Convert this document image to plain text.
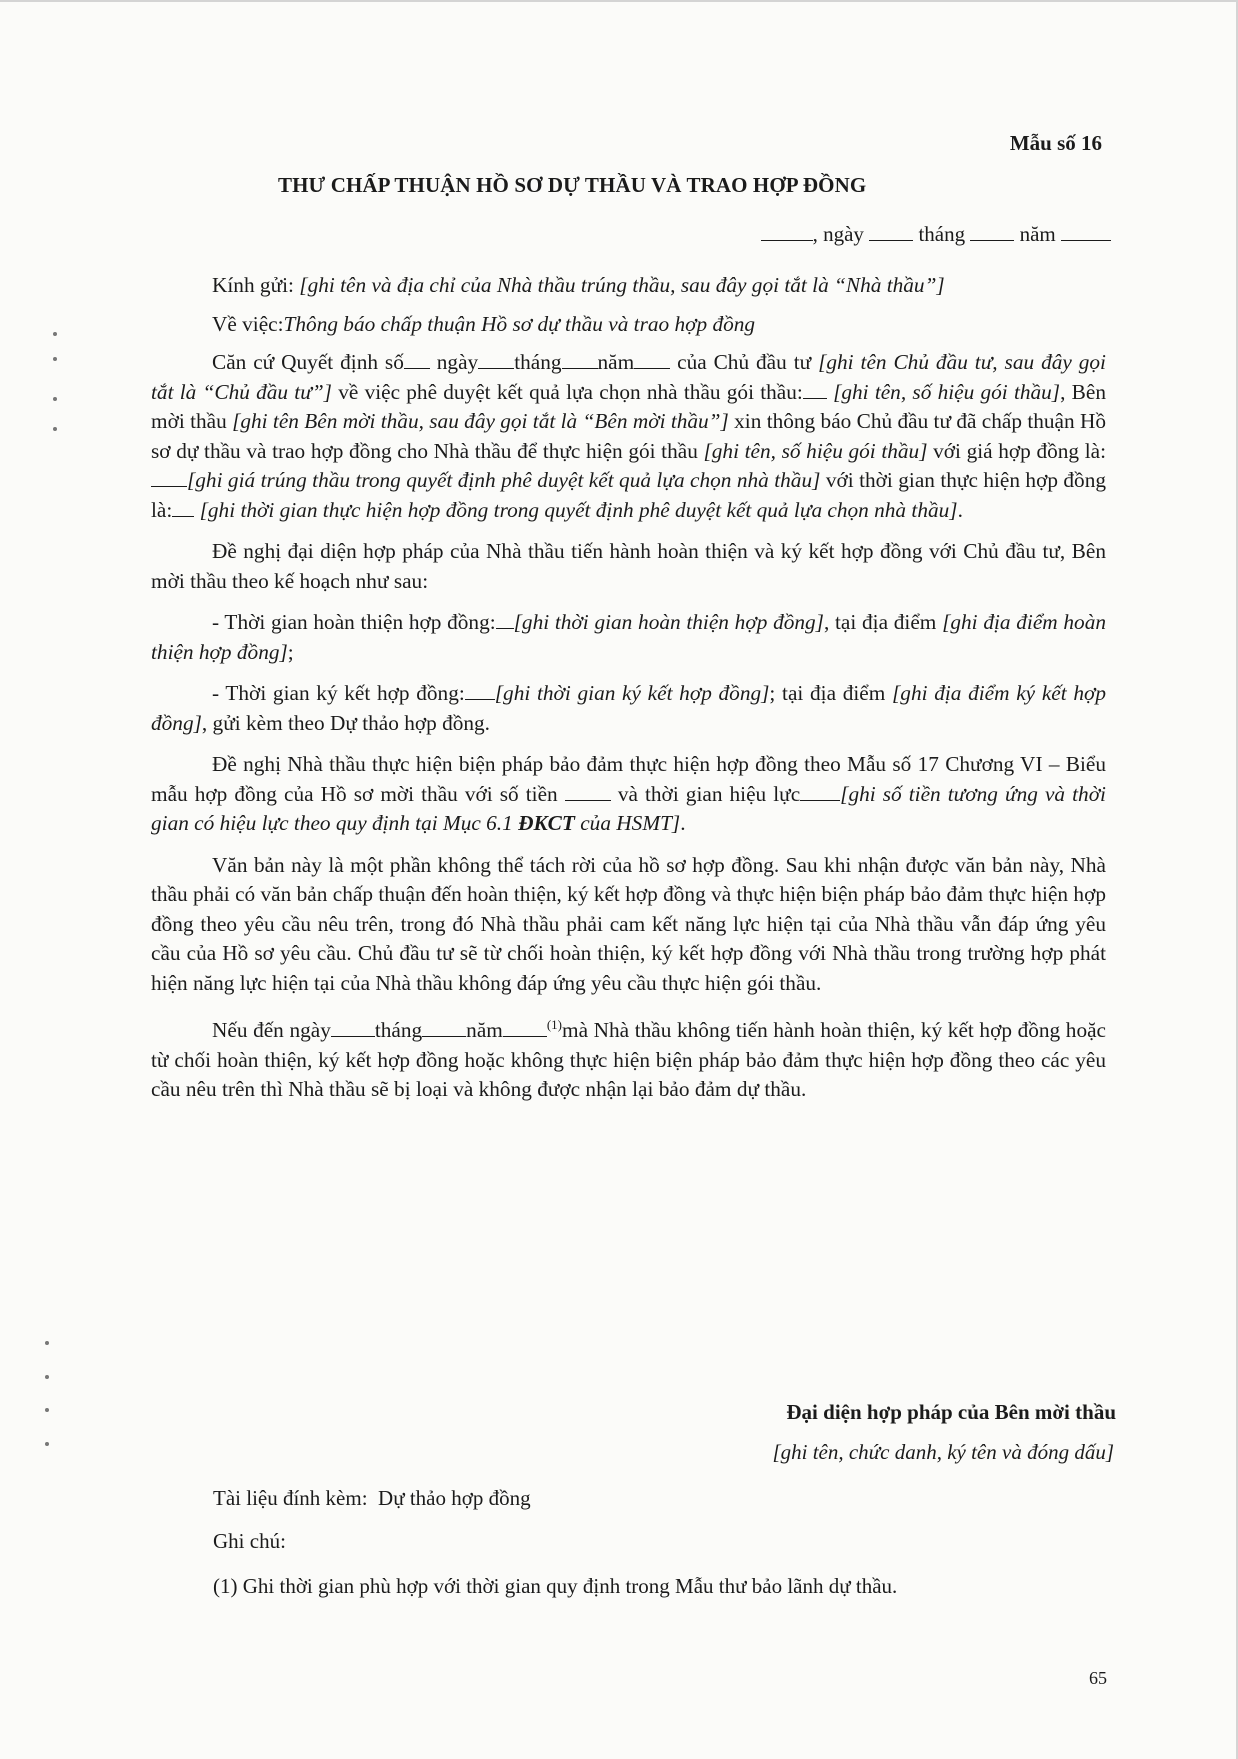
Mẫu số 16
THƯ CHẤP THUẬN HỒ SƠ DỰ THẦU VÀ TRAO HỢP ĐỒNG
, ngày	tháng	năm

Kính gửi: [ghi tên và địa chỉ của Nhà thầu trúng thầu, sau đây gọi tắt là “Nhà thầu”]

Về việc:Thông báo chấp thuận Hồ sơ dự thầu và trao hợp đồng

Căn cứ Quyết định số ngày tháng năm của Chủ đầu tư [ghi tên Chủ đầu tư, sau đây gọi tắt là “Chủ đầu tư”] về việc phê duyệt kết quả lựa chọn nhà thầu gói thầu: [ghi tên, số hiệu gói thầu], Bên mời thầu [ghi tên Bên mời thầu, sau đây gọi tắt là “Bên mời thầu”] xin thông báo Chủ đầu tư đã chấp thuận Hồ sơ dự thầu và trao hợp đồng cho Nhà thầu để thực hiện gói thầu [ghi tên, số hiệu gói thầu] với giá hợp đồng là:[ghi giá trúng thầu trong quyết định phê duyệt kết quả lựa chọn nhà thầu] với thời gian thực hiện hợp đồng là: [ghi thời gian thực hiện hợp đồng trong quyết định phê duyệt kết quả lựa chọn nhà thầu].

Đề nghị đại diện hợp pháp của Nhà thầu tiến hành hoàn thiện và ký kết hợp đồng với Chủ đầu tư, Bên mời thầu theo kế hoạch như sau:

- Thời gian hoàn thiện hợp đồng: [ghi thời gian hoàn thiện hợp đồng], tại địa điểm [ghi địa điểm hoàn thiện hợp đồng];

- Thời gian ký kết hợp đồng: [ghi thời gian ký kết hợp đồng]; tại địa điểm [ghi địa điểm ký kết hợp đồng], gửi kèm theo Dự thảo hợp đồng.

Đề nghị Nhà thầu thực hiện biện pháp bảo đảm thực hiện hợp đồng theo Mẫu số 17 Chương VI – Biểu mẫu hợp đồng của Hồ sơ mời thầu với số tiền  và thời gian hiệu lực [ghi số tiền tương ứng và thời gian có hiệu lực theo quy định tại Mục 6.1 ĐKCT của HSMT].

Văn bản này là một phần không thể tách rời của hồ sơ hợp đồng. Sau khi nhận được văn bản này, Nhà thầu phải có văn bản chấp thuận đến hoàn thiện, ký kết hợp đồng và thực hiện biện pháp bảo đảm thực hiện hợp đồng theo yêu cầu nêu trên, trong đó Nhà thầu phải cam kết năng lực hiện tại của Nhà thầu vẫn đáp ứng yêu cầu của Hồ sơ yêu cầu. Chủ đầu tư sẽ từ chối hoàn thiện, ký kết hợp đồng với Nhà thầu trong trường hợp phát hiện năng lực hiện tại của Nhà thầu không đáp ứng yêu cầu thực hiện gói thầu.

Nếu đến ngày tháng năm	$^{(1)}$mà Nhà thầu không tiến hành hoàn thiện, ký kết hợp đồng hoặc từ chối hoàn thiện, ký kết hợp đồng hoặc không thực hiện biện pháp bảo đảm thực hiện hợp đồng theo các yêu cầu nêu trên thì Nhà thầu sẽ bị loại và không được nhận lại bảo đảm dự thầu.

Đại diện hợp pháp của Bên mời thầu
[ghi tên, chức danh, ký tên và đóng dấu]
Tài liệu đính kèm:  Dự thảo hợp đồng
Ghi chú:
(1) Ghi thời gian phù hợp với thời gian quy định trong Mẫu thư bảo lãnh dự thầu.
65
